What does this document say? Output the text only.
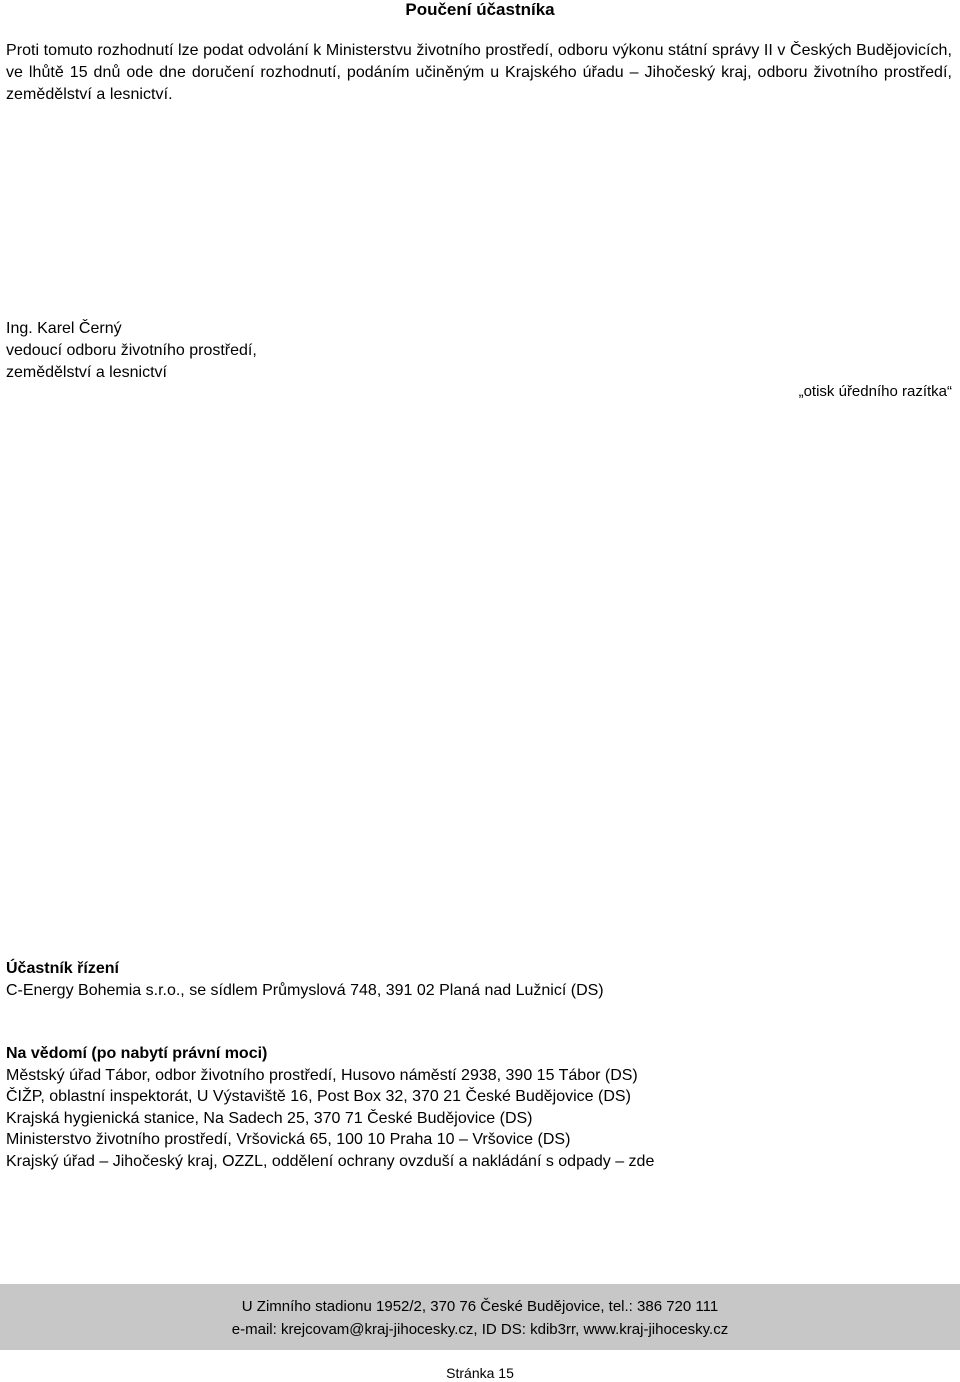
Poučení účastníka
Proti tomuto rozhodnutí lze podat odvolání k Ministerstvu životního prostředí, odboru výkonu státní správy II v Českých Budějovicích, ve lhůtě 15 dnů ode dne doručení rozhodnutí, podáním učiněným u Krajského úřadu – Jihočeský kraj, odboru životního prostředí, zemědělství a lesnictví.
Ing. Karel Černý
vedoucí odboru životního prostředí,
zemědělství a lesnictví
„otisk úředního razítka“
Účastník řízení
C-Energy Bohemia s.r.o., se sídlem Průmyslová 748, 391 02 Planá nad Lužnicí (DS)
Na vědomí (po nabytí právní moci)
Městský úřad Tábor, odbor životního prostředí, Husovo náměstí 2938, 390 15 Tábor (DS)
ČIŽP, oblastní inspektorát, U Výstaviště 16, Post Box 32, 370 21 České Budějovice (DS)
Krajská hygienická stanice, Na Sadech 25, 370 71 České Budějovice (DS)
Ministerstvo životního prostředí, Vršovická 65, 100 10 Praha 10 – Vršovice (DS)
Krajský úřad – Jihočeský kraj, OZZL, oddělení ochrany ovzduší a nakládání s odpady – zde
U Zimního stadionu 1952/2, 370 76 České Budějovice, tel.: 386 720 111
e-mail: krejcovam@kraj-jihocesky.cz, ID DS: kdib3rr, www.kraj-jihocesky.cz
Stránka 15
